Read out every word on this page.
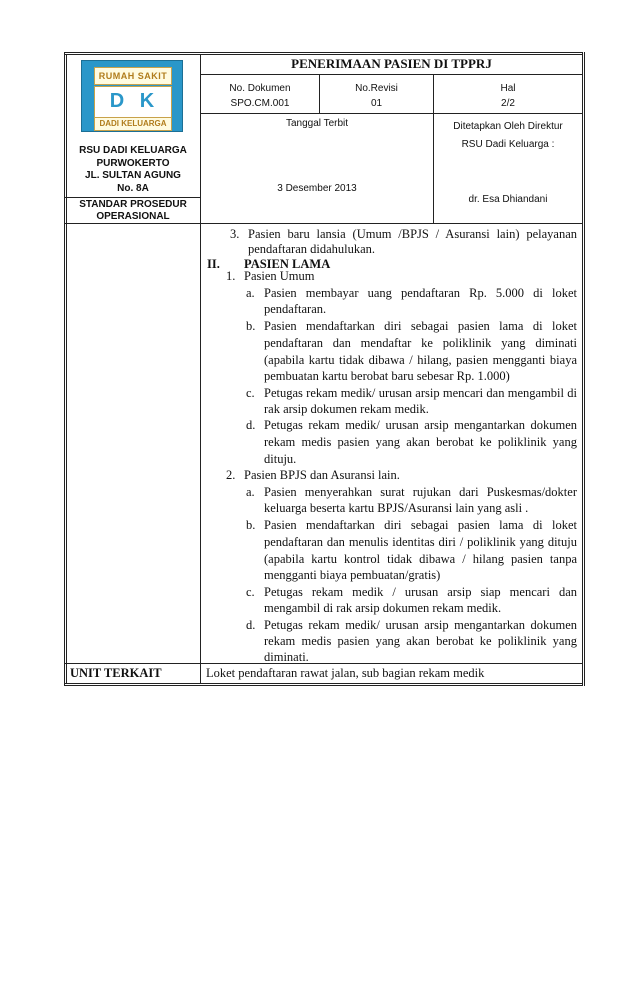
RUMAH SAKIT
D K
DADI KELUARGA
RSU DADI KELUARGA
PURWOKERTO
JL. SULTAN AGUNG
No. 8A
STANDAR PROSEDUR
OPERASIONAL
PENERIMAAN PASIEN DI TPPRJ
No. Dokumen
SPO.CM.001
No.Revisi
01
Hal
2/2
Tanggal Terbit
3 Desember 2013
Ditetapkan Oleh Direktur
RSU Dadi Keluarga :
dr. Esa Dhiandani
3. Pasien baru lansia (Umum /BPJS / Asuransi lain) pelayanan
pendaftaran didahulukan.
II. PASIEN LAMA
1. Pasien Umum
a. Pasien membayar uang pendaftaran Rp. 5.000 di loket
pendaftaran.
b. Pasien mendaftarkan diri sebagai pasien lama di loket
pendaftaran dan mendaftar ke poliklinik yang diminati
(apabila kartu tidak dibawa / hilang, pasien mengganti biaya
pembuatan kartu berobat baru sebesar Rp. 1.000)
c. Petugas rekam medik/ urusan arsip mencari dan mengambil di
rak arsip dokumen rekam medik.
d. Petugas rekam medik/ urusan arsip mengantarkan dokumen
rekam medis pasien yang akan berobat ke poliklinik yang
dituju.
2. Pasien BPJS dan Asuransi lain.
a. Pasien menyerahkan surat rujukan dari Puskesmas/dokter
keluarga beserta kartu BPJS/Asuransi lain yang asli .
b. Pasien mendaftarkan diri sebagai pasien lama di loket
pendaftaran dan menulis identitas diri / poliklinik yang dituju
(apabila kartu kontrol tidak dibawa / hilang pasien tanpa
mengganti biaya pembuatan/gratis)
c. Petugas rekam medik / urusan arsip siap mencari dan
mengambil di rak arsip dokumen rekam medik.
d. Petugas rekam medik/ urusan arsip mengantarkan dokumen
rekam medis pasien yang akan berobat ke poliklinik yang
diminati.
UNIT TERKAIT	Loket pendaftaran rawat jalan, sub bagian rekam medik
